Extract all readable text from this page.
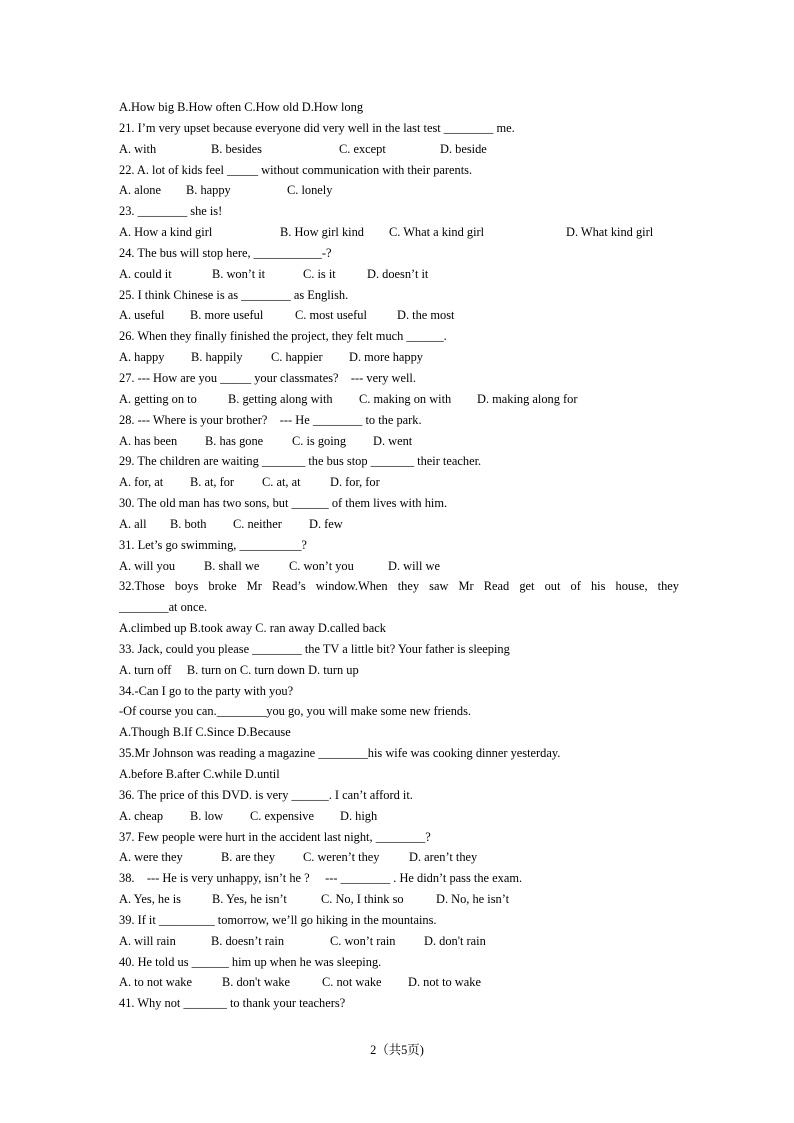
A.How big B.How often C.How old D.How long
21. I’m very upset because everyone did very well in the last test ________ me.

A. with

	B. besides

	C. except

	D. beside

22. A. lot of kids feel _____ without communication with their parents.

A. alone

B. happy

	C. lonely

23. ________ she is!

A. How a kind girl

	B. How girl kind

C. What a kind girl

	D. What kind girl

24. The bus will stop here, ___________-?

A. could it

	B. won’t it

	C. is it

	D. doesn’t it

25. I think Chinese is as ________ as English.

A. useful

B. more useful

	C. most useful

D. the most

26. When they finally finished the project, they felt much ______.

A. happy

B. happily

C. happier

D. more happy

27. --- How are you _____ your classmates?    --- very well.

A. getting on to

	B. getting along with

C. making on with

D. making along for

28. --- Where is your brother?    --- He ________ to the park.

A. has been

B. has gone

C. is going

D. went

29. The children are waiting _______ the bus stop _______ their teacher.

A. for, at

B. at, for

C. at, at

D. for, for

30. The old man has two sons, but ______ of them lives with him.

A. all

B. both

C. neither

D. few

31. Let’s go swimming, __________?

A. will you

B. shall we

C. won’t you

	D. will we

32.Those boys broke Mr Read’s window.When they saw Mr Read get out of his house, they
________at once.
A.climbed up B.took away C. ran away D.called back
33. Jack, could you please ________ the TV a little bit? Your father is sleeping
A. turn off     B. turn on C. turn down D. turn up
34.-Can I go to the party with you?
-Of course you can.________you go, you will make some new friends.
A.Though B.If C.Since D.Because
35.Mr Johnson was reading a magazine ________his wife was cooking dinner yesterday.
A.before B.after C.while D.until
36. The price of this DVD. is very ______. I can’t afford it.

A. cheap

B. low

C. expensive

D. high

37. Few people were hurt in the accident last night, ________?

A. were they

	B. are they

C. weren’t they

D. aren’t they

38.    --- He is very unhappy, isn’t he ?     --- ________ . He didn’t pass the exam.

A. Yes, he is

	B. Yes, he isn’t

	C. No, I think so

	D. No, he isn’t

39. If it _________ tomorrow, we’ll go hiking in the mountains.

A. will rain

	B. doesn’t rain

	C. won’t rain

D. don't rain

40. He told us ______ him up when he was sleeping.

A. to not wake

B. don't wake

	C. not wake

D. not to wake

41. Why not _______ to thank your teachers?
2（共5页)
